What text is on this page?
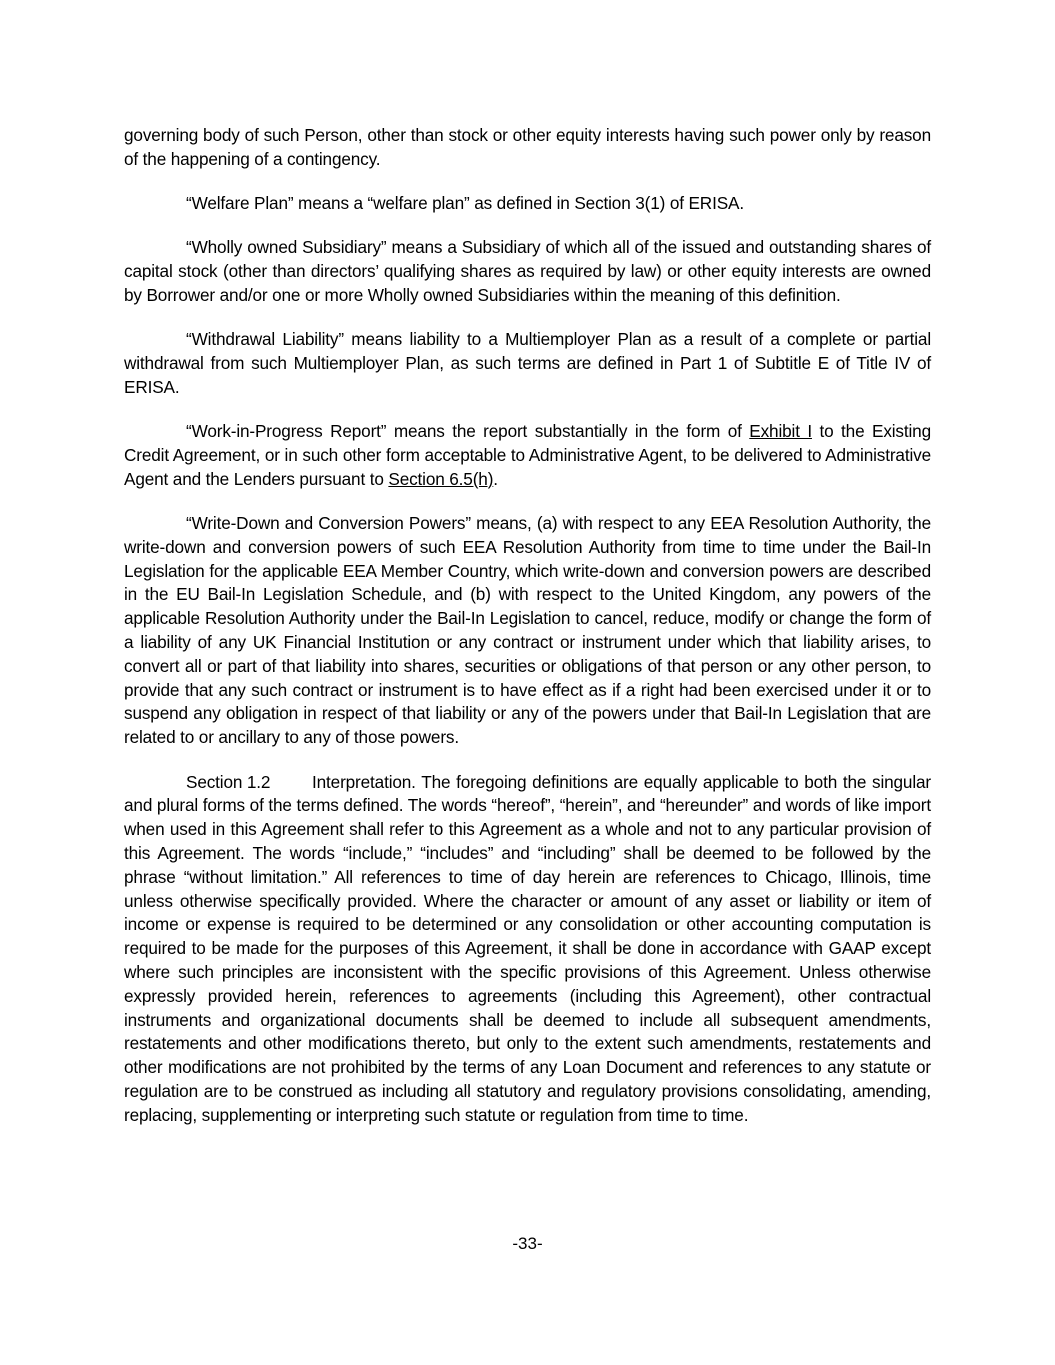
governing body of such Person, other than stock or other equity interests having such power only by reason of the happening of a contingency.

“Welfare Plan” means a “welfare plan” as defined in Section 3(1) of ERISA.

“Wholly owned Subsidiary” means a Subsidiary of which all of the issued and outstanding shares of capital stock (other than directors’ qualifying shares as required by law) or other equity interests are owned by Borrower and/or one or more Wholly owned Subsidiaries within the meaning of this definition.

“Withdrawal Liability” means liability to a Multiemployer Plan as a result of a complete or partial withdrawal from such Multiemployer Plan, as such terms are defined in Part 1 of Subtitle E of Title IV of ERISA.

“Work-in-Progress Report” means the report substantially in the form of Exhibit I to the Existing Credit Agreement, or in such other form acceptable to Administrative Agent, to be delivered to Administrative Agent and the Lenders pursuant to Section 6.5(h).

“Write-Down and Conversion Powers” means, (a) with respect to any EEA Resolution Authority, the write-down and conversion powers of such EEA Resolution Authority from time to time under the Bail-In Legislation for the applicable EEA Member Country, which write-down and conversion powers are described in the EU Bail-In Legislation Schedule, and (b) with respect to the United Kingdom, any powers of the applicable Resolution Authority under the Bail-In Legislation to cancel, reduce, modify or change the form of a liability of any UK Financial Institution or any contract or instrument under which that liability arises, to convert all or part of that liability into shares, securities or obligations of that person or any other person, to provide that any such contract or instrument is to have effect as if a right had been exercised under it or to suspend any obligation in respect of that liability or any of the powers under that Bail-In Legislation that are related to or ancillary to any of those powers.

Section 1.2 Interpretation. The foregoing definitions are equally applicable to both the singular and plural forms of the terms defined. The words “hereof”, “herein”, and “hereunder” and words of like import when used in this Agreement shall refer to this Agreement as a whole and not to any particular provision of this Agreement. The words “include,” “includes” and “including” shall be deemed to be followed by the phrase “without limitation.” All references to time of day herein are references to Chicago, Illinois, time unless otherwise specifically provided. Where the character or amount of any asset or liability or item of income or expense is required to be determined or any consolidation or other accounting computation is required to be made for the purposes of this Agreement, it shall be done in accordance with GAAP except where such principles are inconsistent with the specific provisions of this Agreement. Unless otherwise expressly provided herein, references to agreements (including this Agreement), other contractual instruments and organizational documents shall be deemed to include all subsequent amendments, restatements and other modifications thereto, but only to the extent such amendments, restatements and other modifications are not prohibited by the terms of any Loan Document and references to any statute or regulation are to be construed as including all statutory and regulatory provisions consolidating, amending, replacing, supplementing or interpreting such statute or regulation from time to time.

-33-
